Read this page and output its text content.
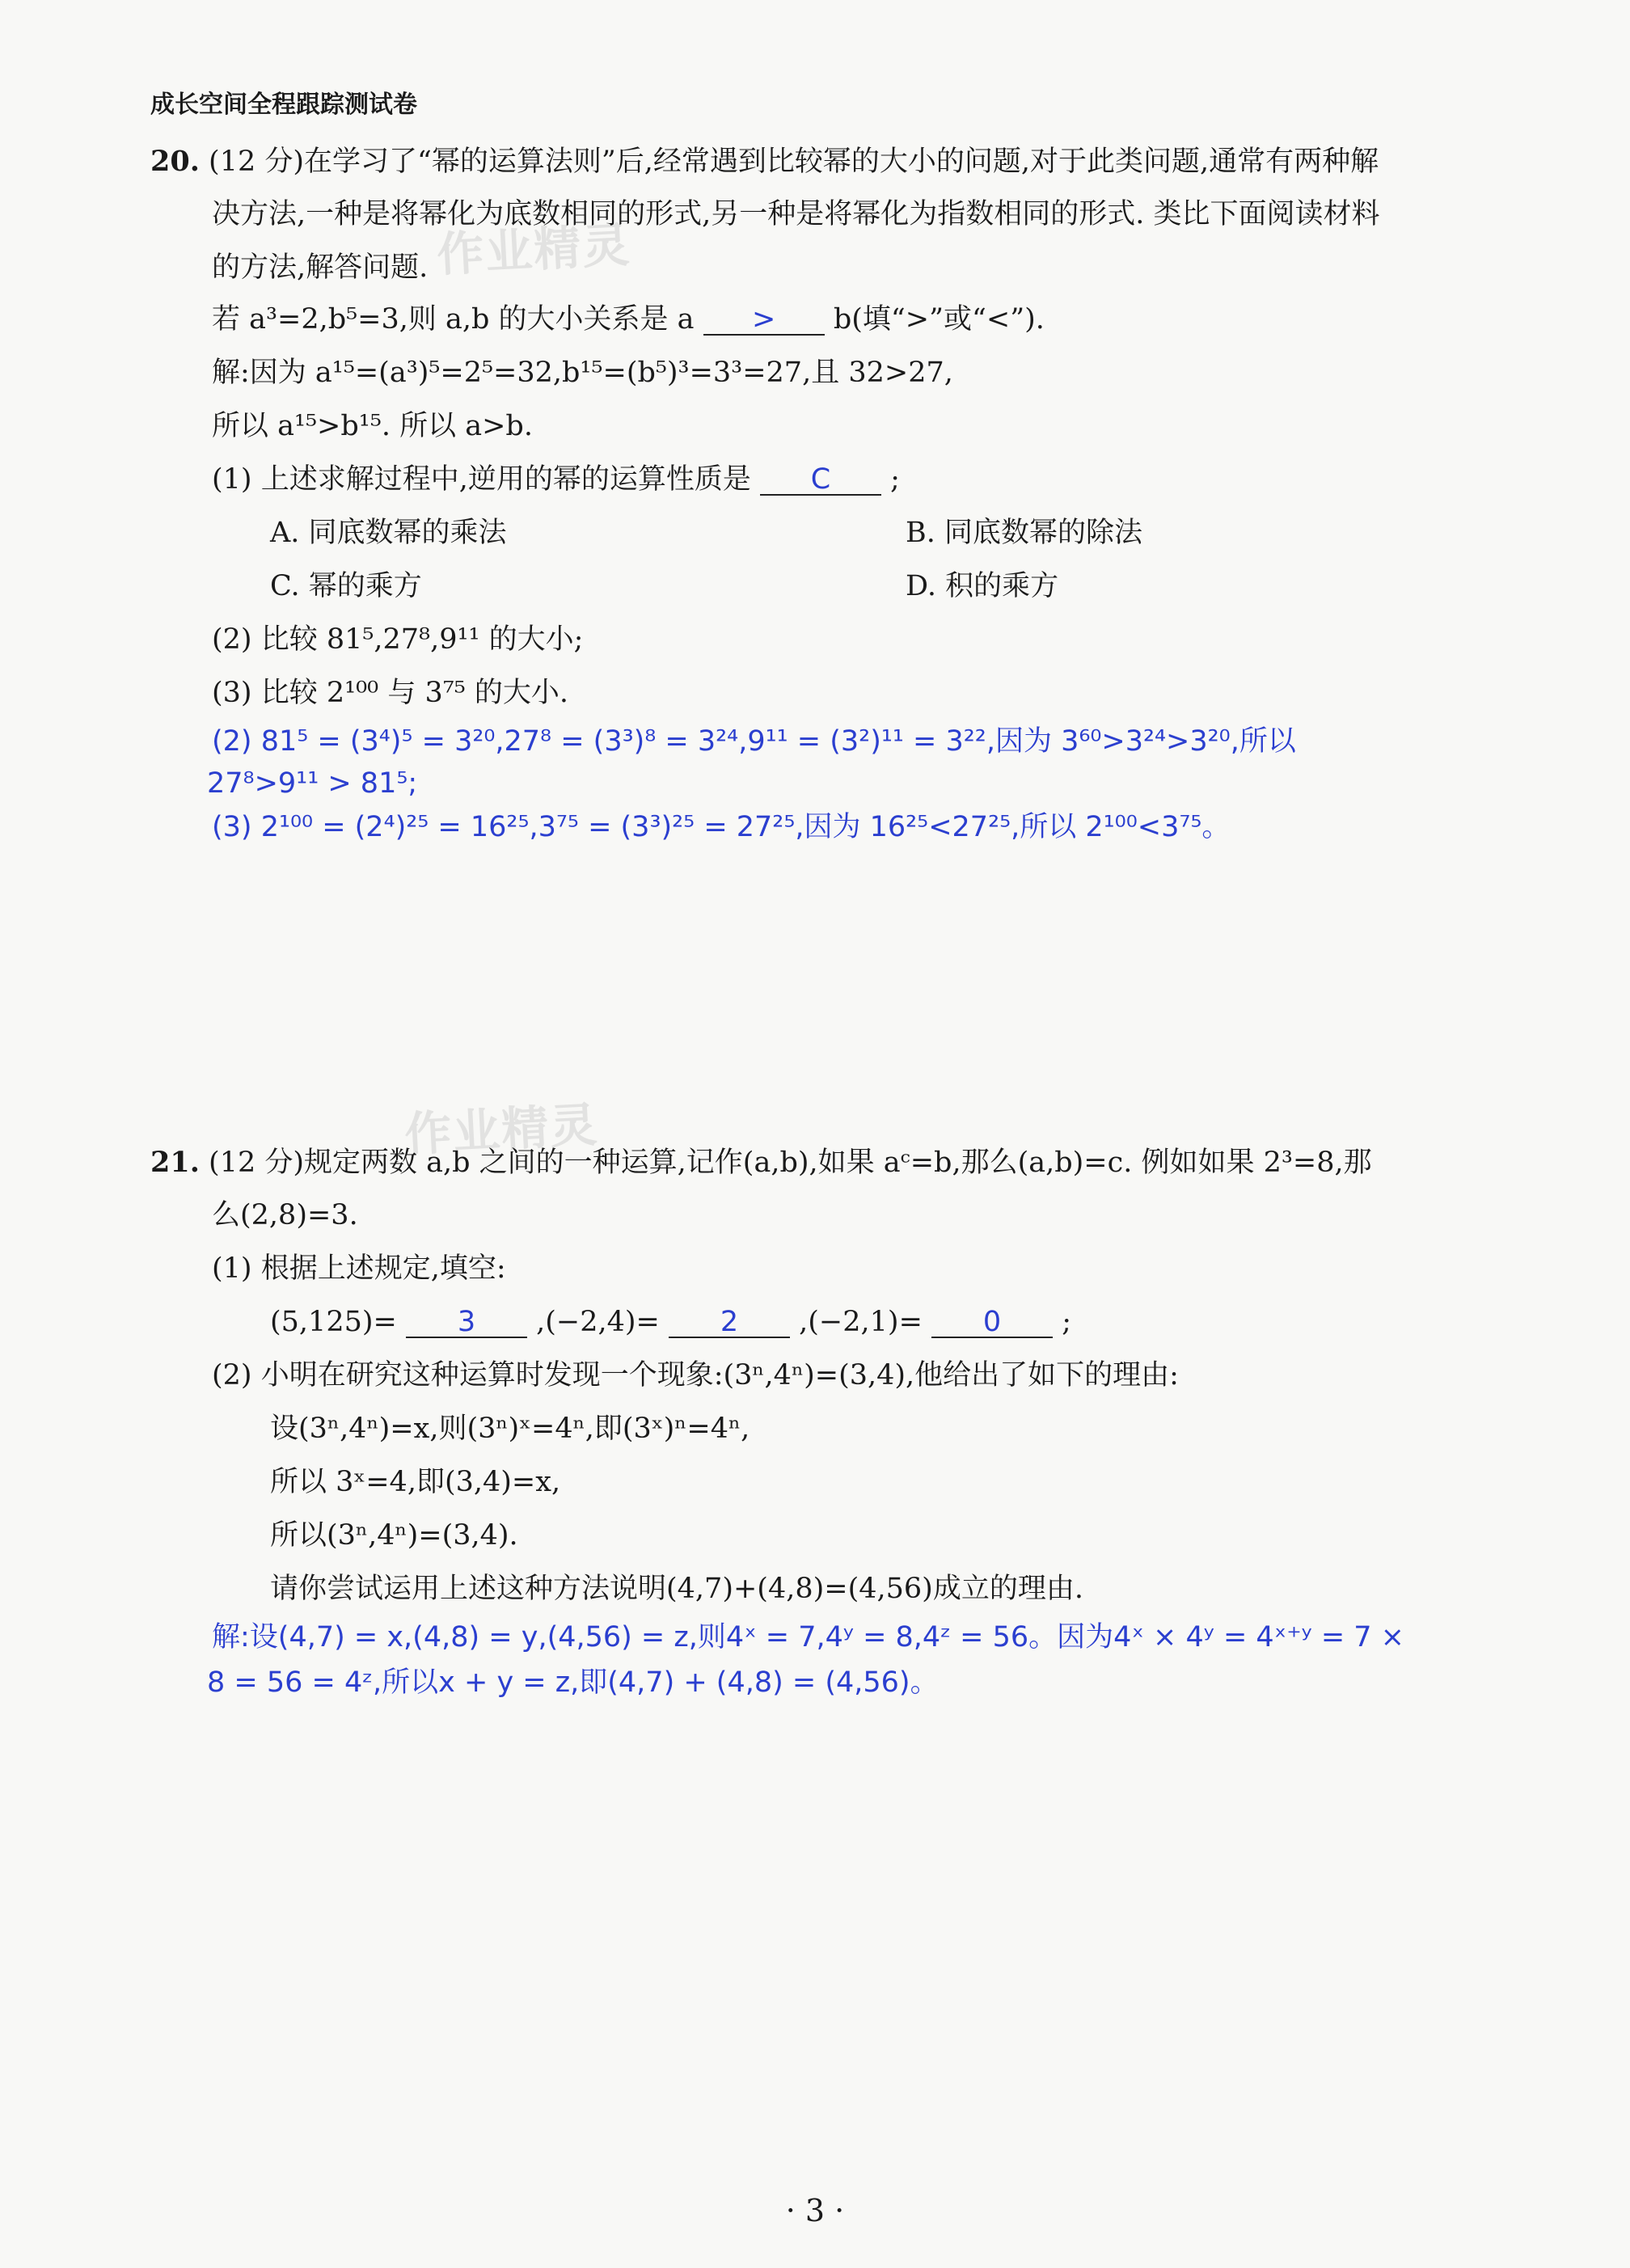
成长空间全程跟踪测试卷
作业精灵
作业精灵
20. (12 分)在学习了“幂的运算法则”后,经常遇到比较幂的大小的问题,对于此类问题,通常有两种解
决方法,一种是将幂化为底数相同的形式,另一种是将幂化为指数相同的形式. 类比下面阅读材料
的方法,解答问题.
若 a³=2,b⁵=3,则 a,b 的大小关系是 a > b(填“>”或“<”).
解:因为 a¹⁵=(a³)⁵=2⁵=32,b¹⁵=(b⁵)³=3³=27,且 32>27,
所以 a¹⁵>b¹⁵. 所以 a>b.
(1) 上述求解过程中,逆用的幂的运算性质是 C ;
A. 同底数幂的乘法	B. 同底数幂的除法
C. 幂的乘方	D. 积的乘方
(2) 比较 81⁵,27⁸,9¹¹ 的大小;
(3) 比较 2¹⁰⁰ 与 3⁷⁵ 的大小.
(2) 81⁵ = (3⁴)⁵ = 3²⁰,27⁸ = (3³)⁸ = 3²⁴,9¹¹ = (3²)¹¹ = 3²²,因为 3⁶⁰>3²⁴>3²⁰,所以
27⁸>9¹¹ > 81⁵;
(3) 2¹⁰⁰ = (2⁴)²⁵ = 16²⁵,3⁷⁵ = (3³)²⁵ = 27²⁵,因为 16²⁵<27²⁵,所以 2¹⁰⁰<3⁷⁵。
21. (12 分)规定两数 a,b 之间的一种运算,记作(a,b),如果 aᶜ=b,那么(a,b)=c. 例如如果 2³=8,那
么(2,8)=3.
(1) 根据上述规定,填空:
(5,125)= 3 ,(−2,4)= 2 ,(−2,1)= 0 ;
(2) 小明在研究这种运算时发现一个现象:(3ⁿ,4ⁿ)=(3,4),他给出了如下的理由:
设(3ⁿ,4ⁿ)=x,则(3ⁿ)ˣ=4ⁿ,即(3ˣ)ⁿ=4ⁿ,
所以 3ˣ=4,即(3,4)=x,
所以(3ⁿ,4ⁿ)=(3,4).
请你尝试运用上述这种方法说明(4,7)+(4,8)=(4,56)成立的理由.
解:设(4,7) = x,(4,8) = y,(4,56) = z,则4ˣ = 7,4ʸ = 8,4ᶻ = 56。因为4ˣ × 4ʸ = 4ˣ⁺ʸ = 7 ×
8 = 56 = 4ᶻ,所以x + y = z,即(4,7) + (4,8) = (4,56)。
· 3 ·
